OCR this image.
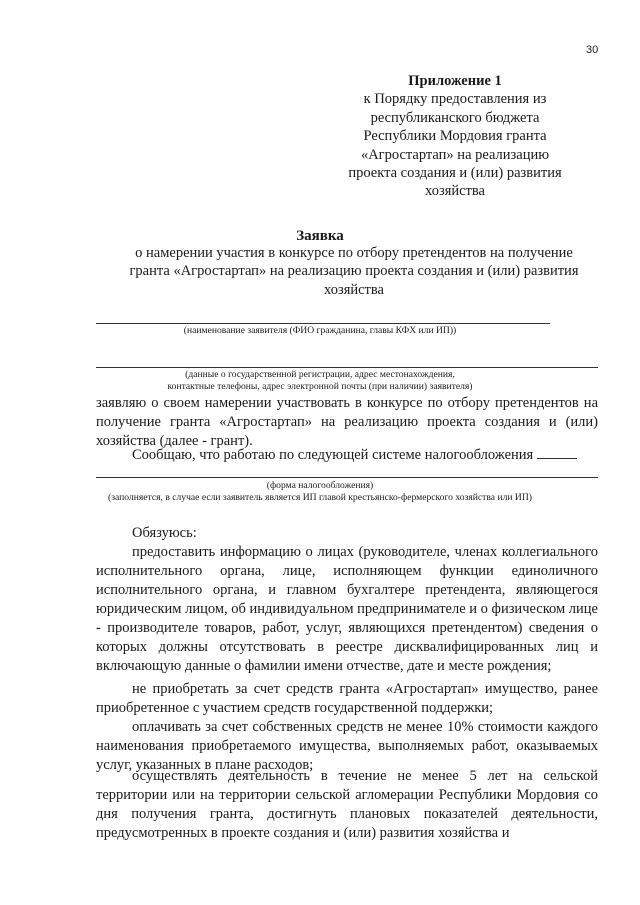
30
Приложение 1
к Порядку предоставления из
республиканского бюджета
Республики Мордовия гранта
«Агростартап» на реализацию
проекта создания и (или) развития
хозяйства
Заявка
о намерении участия в конкурсе по отбору претендентов на получение
гранта «Агростартап» на реализацию проекта создания и (или) развития
хозяйства
(наименование заявителя (ФИО гражданина, главы КФХ или ИП))
(данные о государственной регистрации, адрес местонахождения,
контактные телефоны, адрес электронной почты (при наличии) заявителя)
заявляю о своем намерении участвовать в конкурсе по отбору претендентов на получение гранта «Агростартап» на реализацию проекта создания и (или) хозяйства (далее - грант).
Сообщаю, что работаю по следующей системе налогообложения
(форма налогообложения)
(заполняется, в случае если заявитель является ИП главой крестьянско-фермерского хозяйства или ИП)
Обязуюсь:
предоставить информацию о лицах (руководителе, членах коллегиального исполнительного органа, лице, исполняющем функции единоличного исполнительного органа, и главном бухгалтере претендента, являющегося юридическим лицом, об индивидуальном предпринимателе и о физическом лице - производителе товаров, работ, услуг, являющихся претендентом) сведения о которых должны отсутствовать в реестре дисквалифицированных лиц и включающую данные о фамилии имени отчестве, дате и месте рождения;
не приобретать за счет средств гранта «Агростартап» имущество, ранее приобретенное с участием средств государственной поддержки;
оплачивать за счет собственных средств не менее 10% стоимости каждого наименования приобретаемого имущества, выполняемых работ, оказываемых услуг, указанных в плане расходов;
осуществлять деятельность в течение не менее 5 лет на сельской территории или на территории сельской агломерации Республики Мордовия со дня получения гранта, достигнуть плановых показателей деятельности, предусмотренных в проекте создания и (или) развития хозяйства и
